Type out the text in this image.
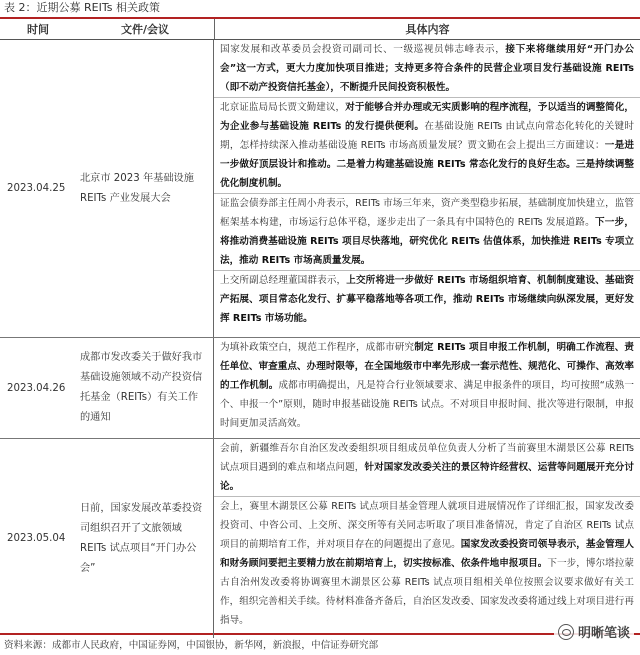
表 2：近期公募 REITs 相关政策
时间	文件/会议	具体内容
2023.04.25
北京市 2023 年基础设施 REITs 产业发展大会
国家发展和改革委员会投资司副司长、一级巡视员韩志峰表示，接下来将继续用好“开门办公会”这一方式，更大力度加快项目推进；支持更多符合条件的民营企业项目发行基础设施 REITs（即不动产投资信托基金），不断提升民间投资积极性。
北京证监局局长贾文勤建议，对于能够合并办理或无实质影响的程序流程，予以适当的调整简化，为企业参与基础设施 REITs 的发行提供便利。在基础设施 REITs 由试点向常态化转化的关键时期，怎样持续深入推动基础设施 REITs 市场高质量发展？贾文勤在会上提出三方面建议：一是进一步做好顶层设计和推动。二是着力构建基础设施 REITs 常态化发行的良好生态。三是持续调整优化制度机制。
证监会债券部主任周小舟表示，REITs 市场三年来，资产类型稳步拓展，基础制度加快建立，监管框架基本构建，市场运行总体平稳，逐步走出了一条具有中国特色的 REITs 发展道路。下一步，将推动消费基础设施 REITs 项目尽快落地，研究优化 REITs 估值体系，加快推进 REITs 专项立法，推动 REITs 市场高质量发展。
上交所副总经理董国群表示，上交所将进一步做好 REITs 市场组织培育、机制制度建设、基础资产拓展、项目常态化发行、扩募平稳落地等各项工作，推动 REITs 市场继续向纵深发展，更好发挥 REITs 市场功能。
2023.04.26
成都市发改委关于做好我市基础设施领域不动产投资信托基金（REITs）有关工作的通知
为填补政策空白，规范工作程序，成都市研究制定 REITs 项目申报工作机制，明确工作流程、责任单位、审查重点、办理时限等，在全国地级市中率先形成一套示范性、规范化、可操作、高效率的工作机制。成都市明确提出，凡是符合行业领域要求、满足申报条件的项目，均可按照“成熟一个、申报一个”原则，随时申报基础设施 REITs 试点。不对项目申报时间、批次等进行限制，申报时间更加灵活高效。
2023.05.04
日前，国家发展改革委投资司组织召开了文旅领域 REITs 试点项目“开门办公会”
会前，新疆维吾尔自治区发改委组织项目组成员单位负责人分析了当前赛里木湖景区公募 REITs 试点项目遇到的难点和堵点问题，针对国家发改委关注的景区特许经营权、运营等问题展开充分讨论。
会上，赛里木湖景区公募 REITs 试点项目基金管理人就项目进展情况作了详细汇报，国家发改委投资司、中咨公司、上交所、深交所等有关同志听取了项目准备情况，肯定了自治区 REITs 试点项目的前期培育工作，并对项目存在的问题提出了意见。国家发改委投资司领导表示，基金管理人和财务顾问要把主要精力放在前期培育上，切实按标准、依条件地申报项目。下一步，博尔塔拉蒙古自治州发改委将协调赛里木湖景区公募 REITs 试点项目组相关单位按照会议要求做好有关工作，组织完善相关手续。待材料准备齐备后，自治区发改委、国家发改委将通过线上对项目进行再指导。
资料来源：成都市人民政府，中国证券网，中国银协，新华网，新浪报，中信证券研究部
明晰笔谈
